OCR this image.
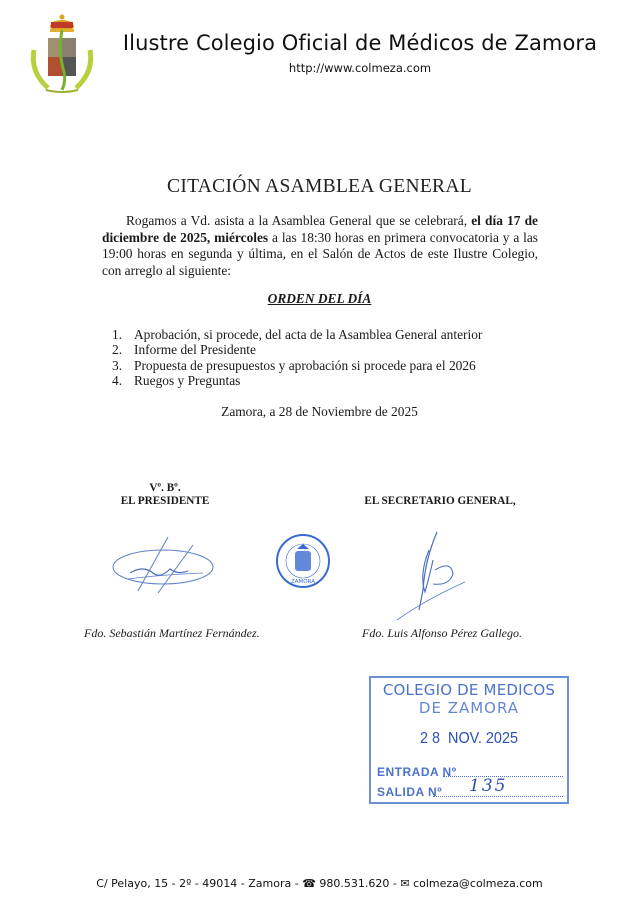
Ilustre Colegio Oficial de Médicos de Zamora
http://www.colmeza.com
CITACIÓN ASAMBLEA GENERAL

Rogamos a Vd. asista a la Asamblea General que se celebrará, el día 17 de diciembre de 2025, miércoles a las 18:30 horas en primera convocatoria y a las 19:00 horas en segunda y última, en el Salón de Actos de este Ilustre Colegio, con arreglo al siguiente:

ORDEN DEL DÍA
1. Aprobación, si procede, del acta de la Asamblea General anterior
2. Informe del Presidente
3. Propuesta de presupuestos y aprobación si procede para el 2026
4. Ruegos y Preguntas
Zamora, a 28 de Noviembre de 2025
Vº. Bº.
EL PRESIDENTE	EL SECRETARIO GENERAL,
ZAMORA
Fdo. Sebastián Martínez Fernández.	Fdo. Luis Alfonso Pérez Gallego.
COLEGIO DE MEDICOS
DE ZAMORA
2 8  NOV. 2025
ENTRADA Nº
SALIDA Nº 135
C/ Pelayo, 15 - 2º - 49014 - Zamora - ☎ 980.531.620 - ✉ colmeza@colmeza.com
